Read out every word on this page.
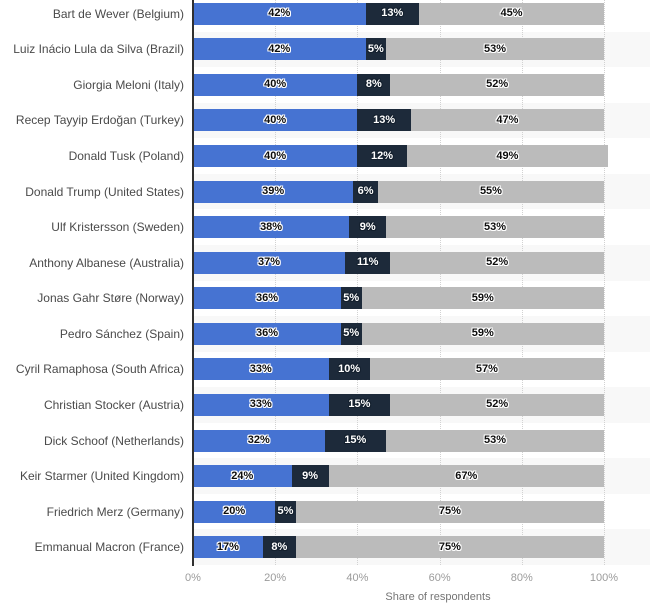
Bart de Wever (Belgium)	42%	13%	45%
Luiz Inácio Lula da Silva (Brazil)	42%	5%	53%
Giorgia Meloni (Italy)	40%	8%	52%
Recep Tayyip Erdoğan (Turkey)	40%	13%	47%
Donald Tusk (Poland)	40%	12%	49%
Donald Trump (United States)	39%	6%	55%
Ulf Kristersson (Sweden)	38%	9%	53%
Anthony Albanese (Australia)	37%	11%	52%
Jonas Gahr Støre (Norway)	36%	5%	59%
Pedro Sánchez (Spain)	36%	5%	59%
Cyril Ramaphosa (South Africa)	33%	10%	57%
Christian Stocker (Austria)	33%	15%	52%
Dick Schoof (Netherlands)	32%	15%	53%
Keir Starmer (United Kingdom)	24%	9%	67%
Friedrich Merz (Germany)	20%	5%	75%
Emmanual Macron (France)	17%	8%	75%
0%	20%	40%	60%	80%	100%
Share of respondents
